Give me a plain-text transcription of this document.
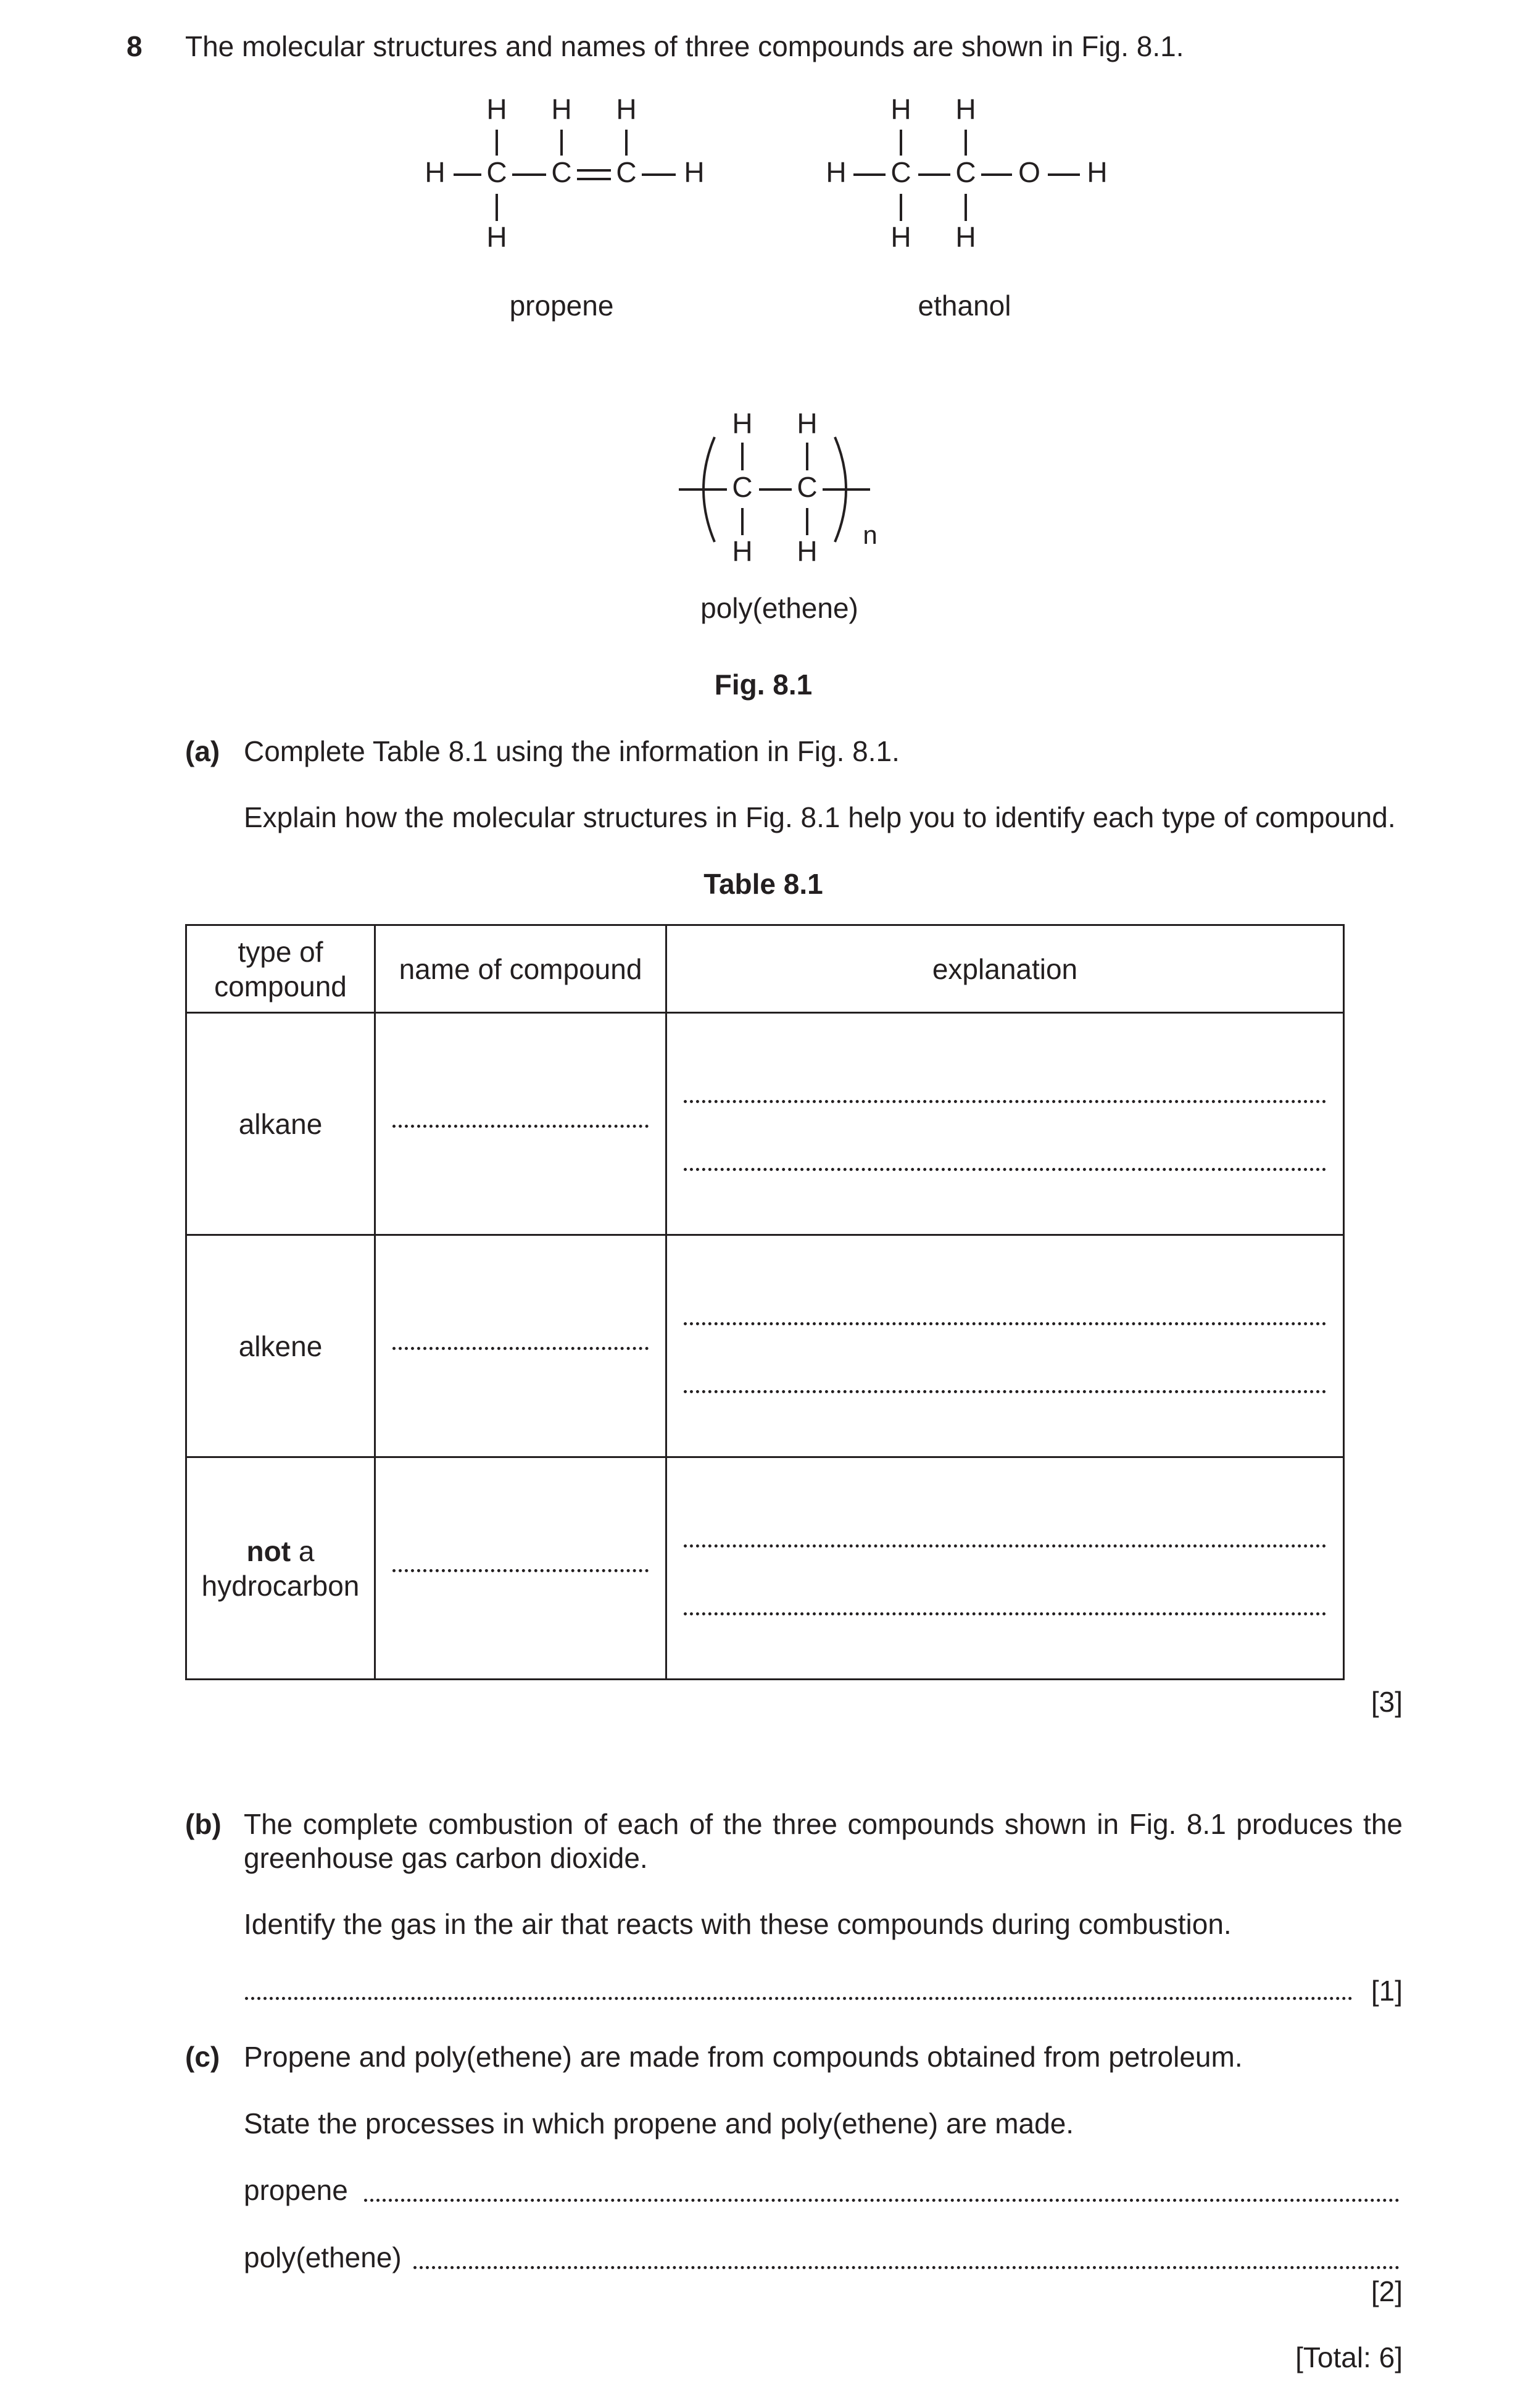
8 The molecular structures and names of three compounds are shown in Fig. 8.1.
H H H
H C C C H
H
H H
H C C O H
H H
H H
C C
H H
n
propene	ethanol
poly(ethene)
Fig. 8.1
(a) Complete Table 8.1 using the information in Fig. 8.1.
Explain how the molecular structures in Fig. 8.1 help you to identify each type of compound.
Table 8.1
type of
compound	name of compound	explanation
alkane	

alkene	

not a
hydrocarbon		

[3]
(b) The complete combustion of each of the three compounds shown in Fig. 8.1 produces the
greenhouse gas carbon dioxide.
Identify the gas in the air that reacts with these compounds during combustion.
[1]
(c) Propene and poly(ethene) are made from compounds obtained from petroleum.
State the processes in which propene and poly(ethene) are made.
propene
poly(ethene)
[2]
[Total: 6]
